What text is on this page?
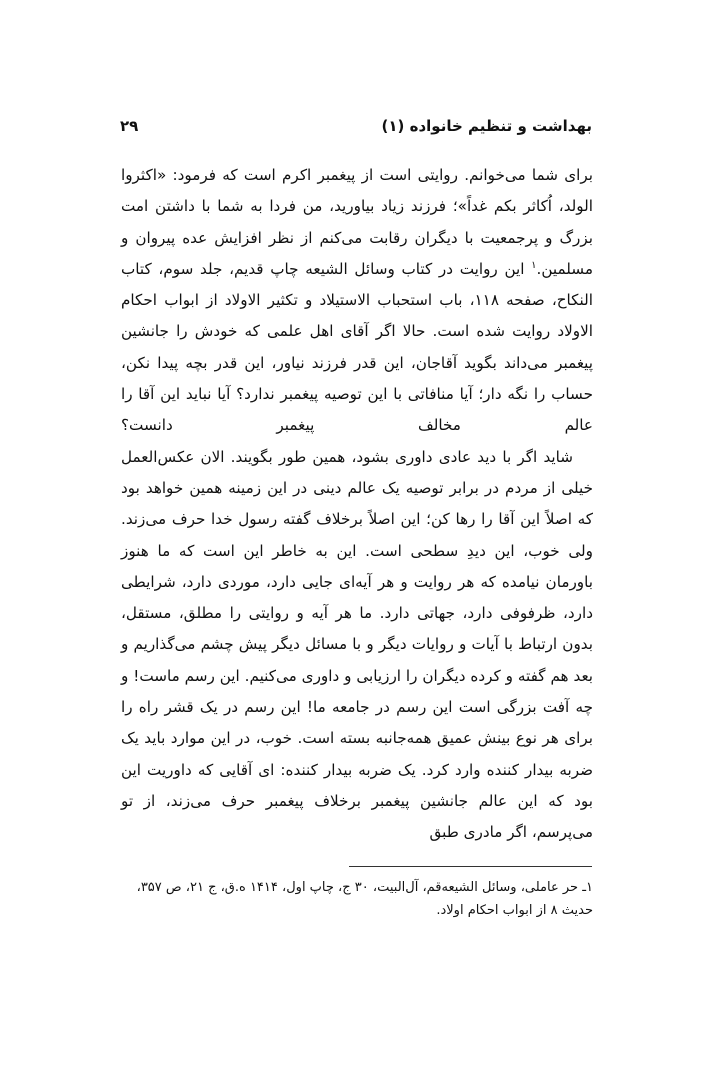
بهداشت و تنظیم خانواده (۱)
۲۹

برای شما می‌خوانم. روایتی است از پیغمبر اکرم است که فرمود: «اکثروا الولد، اُکاثر بکم غداً»؛ فرزند زیاد بیاورید، من فردا به شما با داشتن امت بزرگ و پرجمعیت با دیگران رقابت می‌کنم از نظر افزایش عده پیروان و مسلمین.$^۱$ این روایت در کتاب وسائل الشیعه چاپ قدیم، جلد سوم، کتاب النکاح، صفحه ۱۱۸، باب استحباب الاستیلاد و تکثیر الاولاد از ابواب احکام الاولاد روایت شده است. حالا اگر آقای اهل علمی که خودش را جانشین پیغمبر می‌داند بگوید آقاجان، این قدر فرزند نیاور، این قدر بچه پیدا نکن، حساب را نگه دار؛ آیا منافاتی با این توصیه پیغمبر ندارد؟ آیا نباید این آقا را عالم مخالف پیغمبر دانست؟

شاید اگر با دید عادی داوری بشود، همین طور بگویند. الان عکس‌العمل خیلی از مردم در برابر توصیه یک عالم دینی در این زمینه همین خواهد بود که اصلاً این آقا را رها کن؛ این اصلاً برخلاف گفته رسول خدا حرف می‌زند. ولی خوب، این دیدِ سطحی است. این به خاطر این است که ما هنوز باورمان نیامده که هر روایت و هر آیه‌ای جایی دارد، موردی دارد، شرایطی دارد، ظرفوفی دارد، جهاتی دارد. ما هر آیه و روایتی را مطلق، مستقل، بدون ارتباط با آیات و روایات دیگر و با مسائل دیگر پیش چشم می‌گذاریم و بعد هم گفته و کرده دیگران را ارزیابی و داوری می‌کنیم. این رسم ماست! و چه آفت بزرگی است این رسم در جامعه ما! این رسم در یک قشر راه را برای هر نوع بینش عمیق همه‌جانبه بسته است. خوب، در این موارد باید یک ضربه بیدار کننده وارد کرد. یک ضربه بیدار کننده: ای آقایی که داوریت این بود که این عالم جانشین پیغمبر برخلاف پیغمبر حرف می‌زند، از تو می‌پرسم، اگر مادری طبق

۱ـ حر عاملی، وسائل الشیعه‌قم، آل‌البیت، ۳۰ ج، چاپ اول، ۱۴۱۴ ه.ق، ج ۲۱، ص ۳۵۷،
حدیث ۸ از ابواب احکام اولاد.
